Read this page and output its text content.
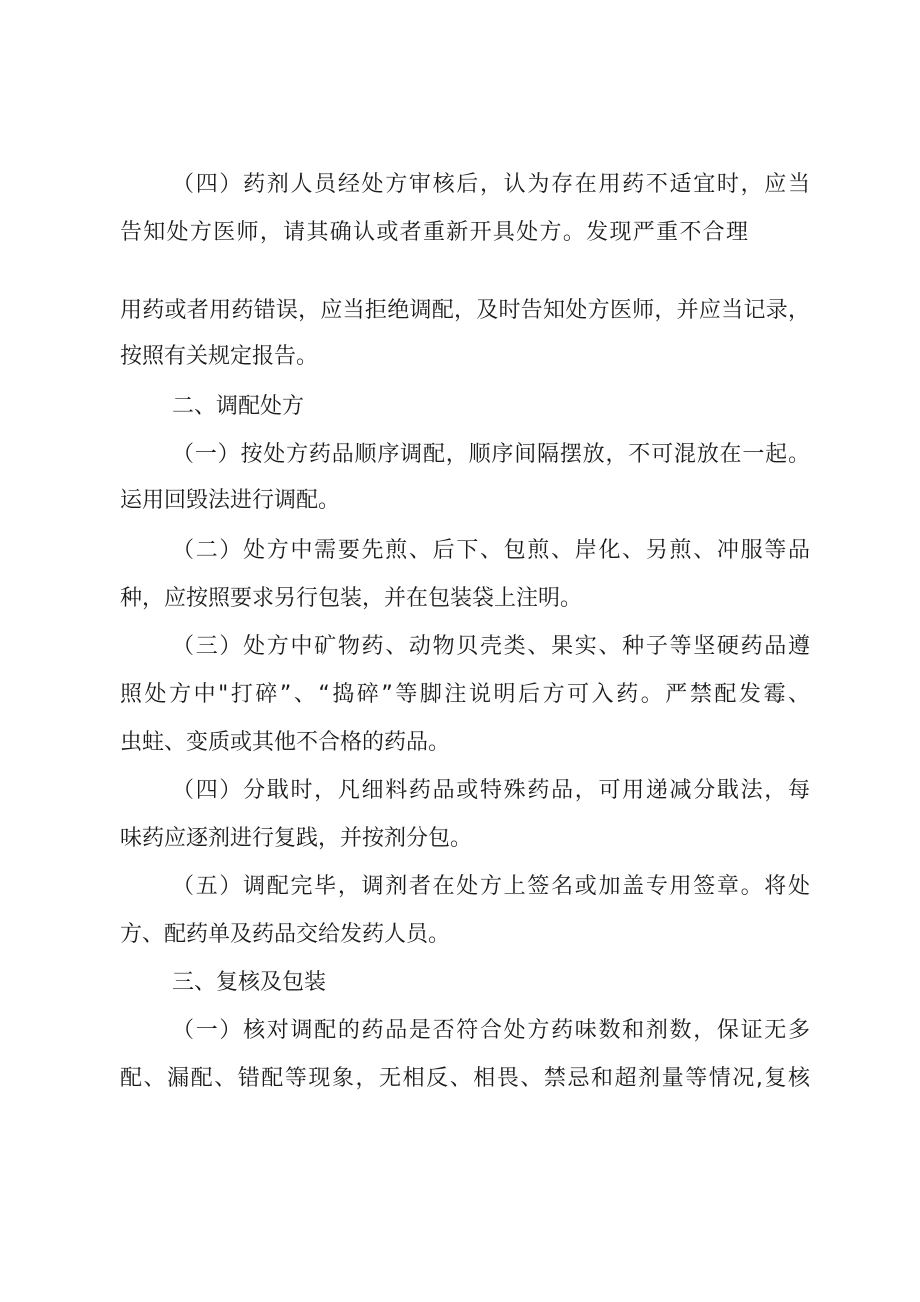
（四）药剂人员经处方审核后，认为存在用药不适宜时，应当
告知处方医师，请其确认或者重新开具处方。发现严重不合理
用药或者用药错误，应当拒绝调配，及时告知处方医师，并应当记录，
按照有关规定报告。
二、调配处方
（一）按处方药品顺序调配，顺序间隔摆放，不可混放在一起。
运用回毁法进行调配。
（二）处方中需要先煎、后下、包煎、岸化、另煎、冲服等品
种，应按照要求另行包装，并在包装袋上注明。
（三）处方中矿物药、动物贝壳类、果实、种子等坚硬药品遵
照处方中"打碎”、“捣碎”等脚注说明后方可入药。严禁配发霉、
虫蛀、变质或其他不合格的药品。
（四）分戢时，凡细料药品或特殊药品，可用递减分戢法，每
味药应逐剂进行复践，并按剂分包。
（五）调配完毕，调剂者在处方上签名或加盖专用签章。将处
方、配药单及药品交给发药人员。
三、复核及包装
（一）核对调配的药品是否符合处方药味数和剂数，保证无多
配、漏配、错配等现象，无相反、相畏、禁忌和超剂量等情况,复核
